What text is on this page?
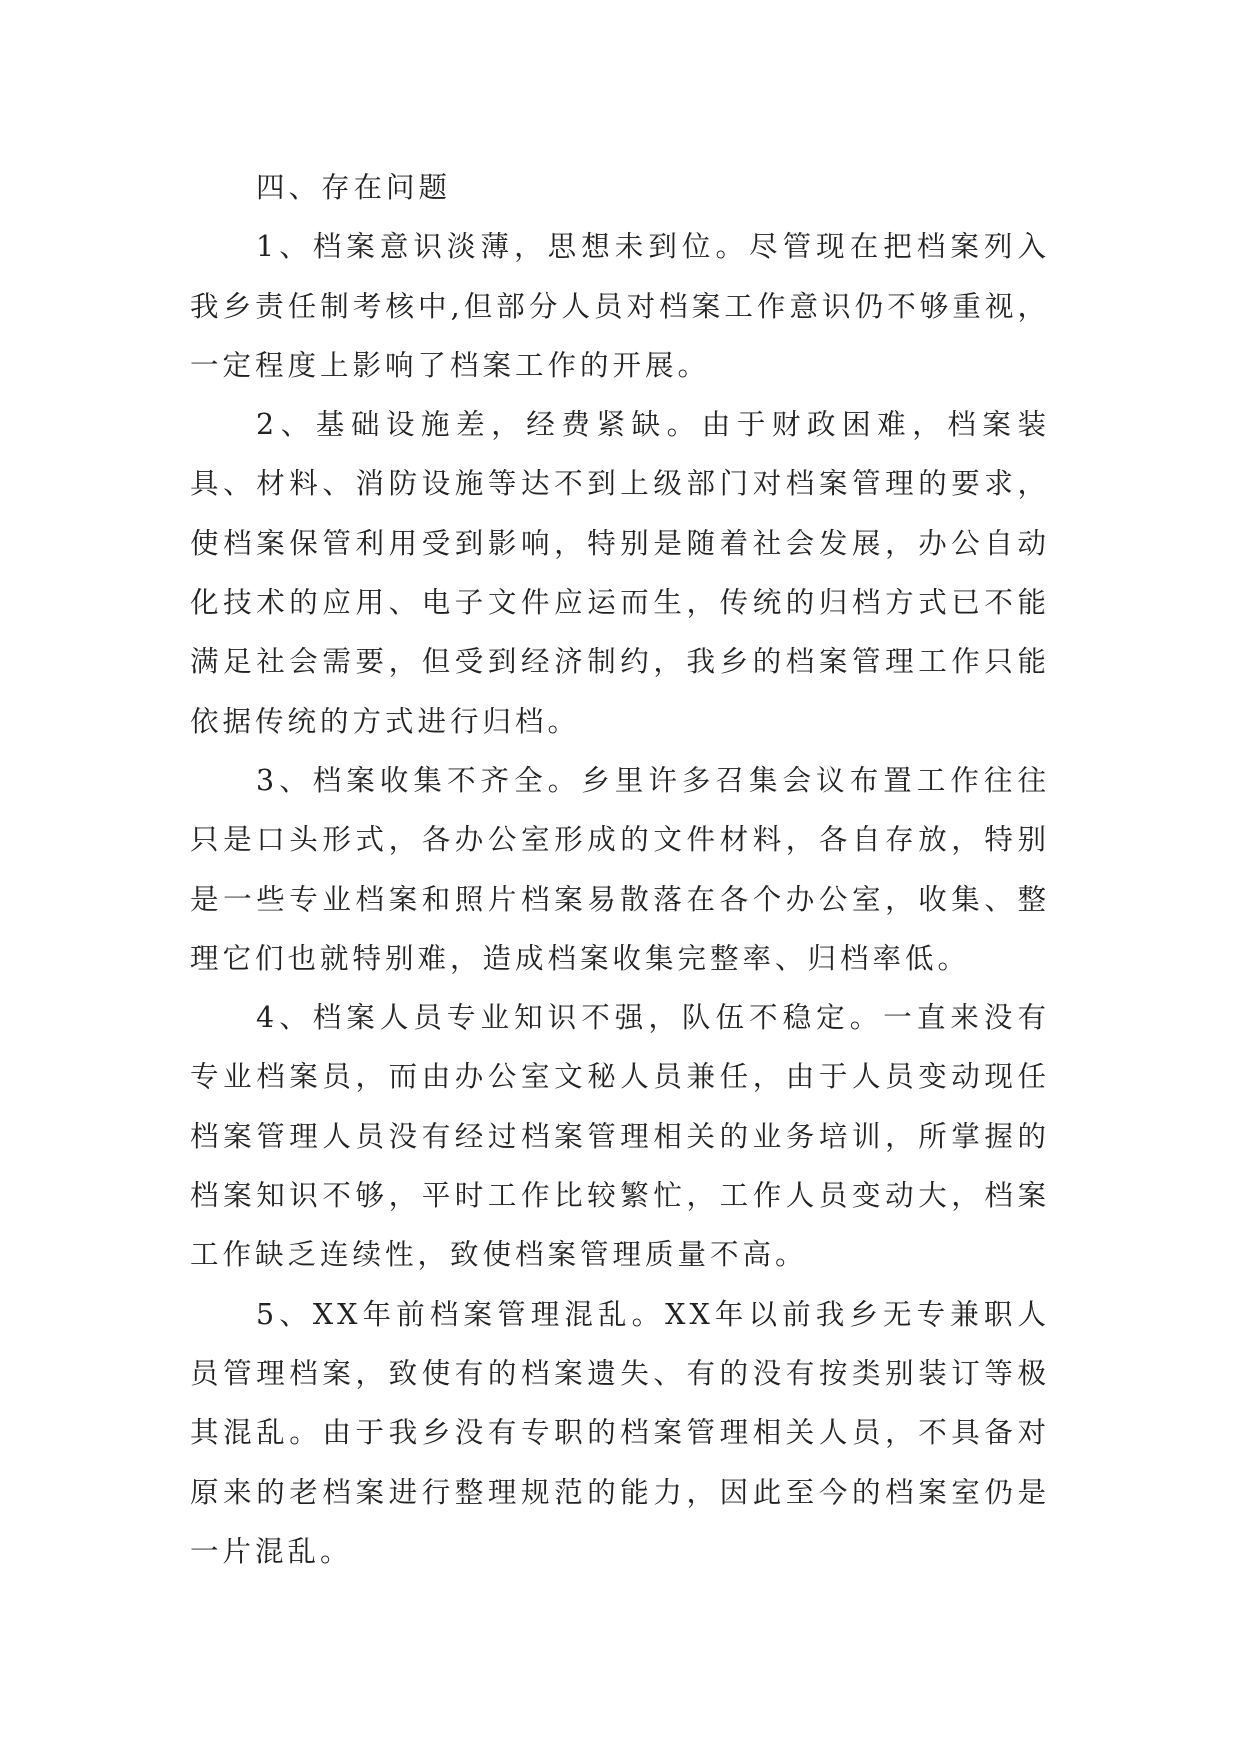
四、存在问题

1、档案意识淡薄，思想未到位。尽管现在把档案列入我乡责任制考核中,但部分人员对档案工作意识仍不够重视，一定程度上影响了档案工作的开展。

2、基础设施差，经费紧缺。由于财政困难，档案装具、材料、消防设施等达不到上级部门对档案管理的要求，使档案保管利用受到影响，特别是随着社会发展，办公自动化技术的应用、电子文件应运而生，传统的归档方式已不能满足社会需要，但受到经济制约，我乡的档案管理工作只能依据传统的方式进行归档。

3、档案收集不齐全。乡里许多召集会议布置工作往往只是口头形式，各办公室形成的文件材料，各自存放，特别是一些专业档案和照片档案易散落在各个办公室，收集、整理它们也就特别难，造成档案收集完整率、归档率低。

4、档案人员专业知识不强，队伍不稳定。一直来没有专业档案员，而由办公室文秘人员兼任，由于人员变动现任档案管理人员没有经过档案管理相关的业务培训，所掌握的档案知识不够，平时工作比较繁忙，工作人员变动大，档案工作缺乏连续性，致使档案管理质量不高。

5、XX年前档案管理混乱。XX年以前我乡无专兼职人员管理档案，致使有的档案遗失、有的没有按类别装订等极其混乱。由于我乡没有专职的档案管理相关人员，不具备对原来的老档案进行整理规范的能力，因此至今的档案室仍是一片混乱。
